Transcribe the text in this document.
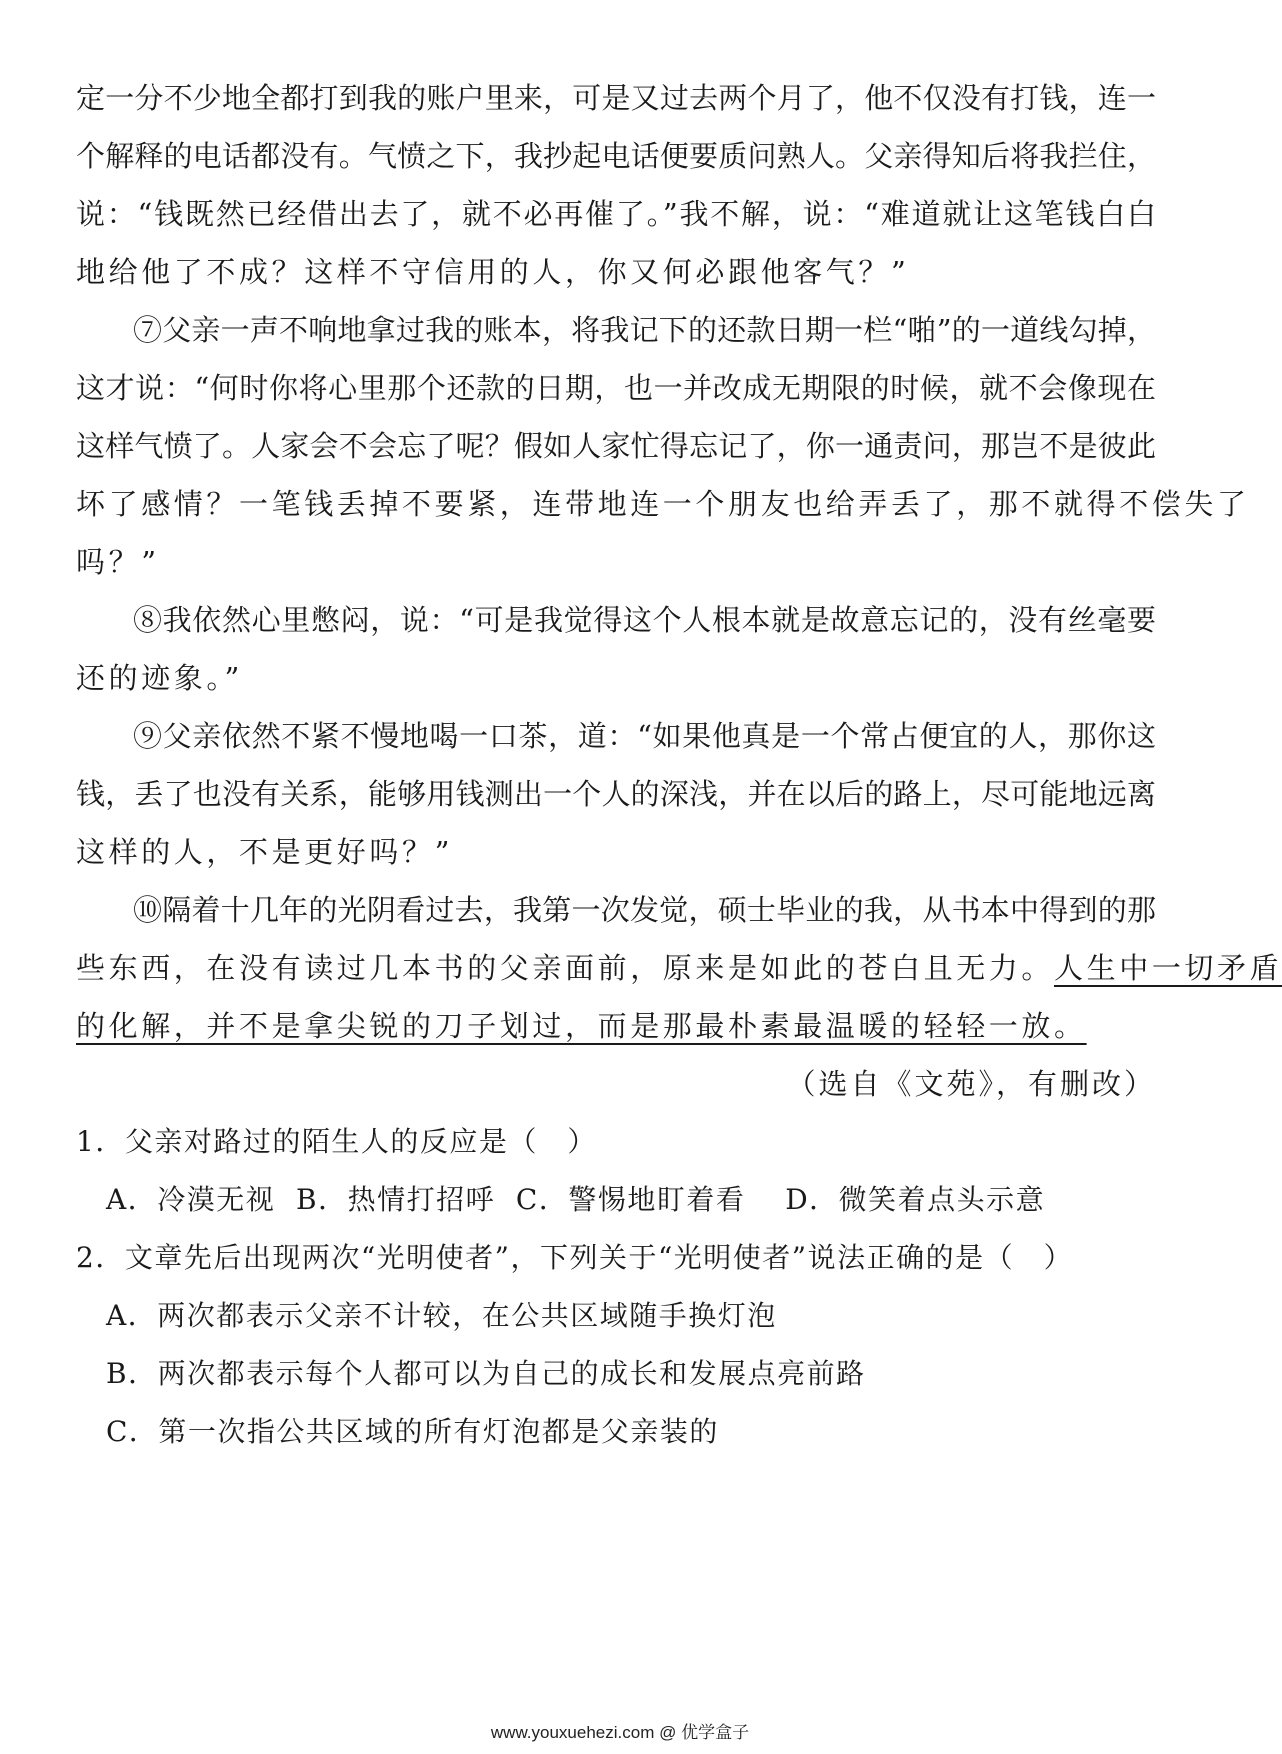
定一分不少地全都打到我的账户里来，可是又过去两个月了，他不仅没有打钱，连一
个解释的电话都没有。气愤之下，我抄起电话便要质问熟人。父亲得知后将我拦住，
说：“钱既然已经借出去了，就不必再催了。”我不解，说：“难道就让这笔钱白白
地给他了不成？这样不守信用的人，你又何必跟他客气？”
⑦父亲一声不响地拿过我的账本，将我记下的还款日期一栏“啪”的一道线勾掉，
这才说：“何时你将心里那个还款的日期，也一并改成无期限的时候，就不会像现在
这样气愤了。人家会不会忘了呢？假如人家忙得忘记了，你一通责问，那岂不是彼此
坏了感情？一笔钱丢掉不要紧，连带地连一个朋友也给弄丢了，那不就得不偿失了
吗？”
⑧我依然心里憋闷，说：“可是我觉得这个人根本就是故意忘记的，没有丝毫要
还的迹象。”
⑨父亲依然不紧不慢地喝一口茶，道：“如果他真是一个常占便宜的人，那你这
钱，丢了也没有关系，能够用钱测出一个人的深浅，并在以后的路上，尽可能地远离
这样的人，不是更好吗？”
⑩隔着十几年的光阴看过去，我第一次发觉，硕士毕业的我，从书本中得到的那
些东西，在没有读过几本书的父亲面前，原来是如此的苍白且无力。人生中一切矛盾
的化解，并不是拿尖锐的刀子划过，而是那最朴素最温暖的轻轻一放。
（选自《文苑》，有删改）
1．父亲对路过的陌生人的反应是（　）
A．冷漠无视  B．热情打招呼  C．警惕地盯着看　 D．微笑着点头示意
2．文章先后出现两次“光明使者”，下列关于“光明使者”说法正确的是（　）
A．两次都表示父亲不计较，在公共区域随手换灯泡
B．两次都表示每个人都可以为自己的成长和发展点亮前路
C．第一次指公共区域的所有灯泡都是父亲装的
www.youxuehezi.com @ 优学盒子
